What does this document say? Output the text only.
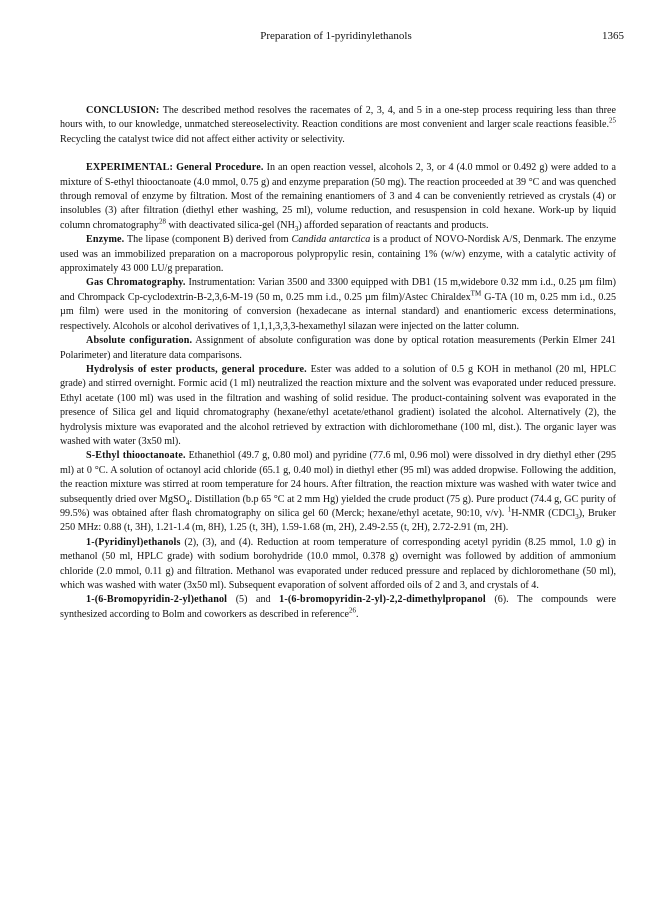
Preparation of 1-pyridinylethanols	1365

CONCLUSION: The described method resolves the racemates of 2, 3, 4, and 5 in a one-step process requiring less than three hours with, to our knowledge, unmatched stereoselectivity. Reaction conditions are most convenient and larger scale reactions feasible.$^{25}$ Recycling the catalyst twice did not affect either activity or selectivity.

EXPERIMENTAL: General Procedure. In an open reaction vessel, alcohols 2, 3, or 4 (4.0 mmol or 0.492 g) were added to a mixture of S-ethyl thiooctanoate (4.0 mmol, 0.75 g) and enzyme preparation (50 mg). The reaction proceeded at 39 °C and was quenched through removal of enzyme by filtration. Most of the remaining enantiomers of 3 and 4 can be conveniently retrieved as crystals (4) or insolubles (3) after filtration (diethyl ether washing, 25 ml), volume reduction, and resuspension in cold hexane. Work-up by liquid column chromatography$^{28}$ with deactivated silica-gel $(NH_3)$ afforded separation of reactants and products.

Enzyme. The lipase (component B) derived from Candida antarctica is a product of NOVO-Nordisk A/S, Denmark. The enzyme used was an immobilized preparation on a macroporous polypropylic resin, containing 1% (w/w) enzyme, with a catalytic activity of approximately 43 000 LU/g preparation.

Gas Chromatography. Instrumentation: Varian 3500 and 3300 equipped with DB1 (15 m,widebore 0.32 mm i.d., 0.25 µm film) and Chrompack Cp-cyclodextrin-B-2,3,6-M-19 (50 m, 0.25 mm i.d., 0.25 µm film)/Astec Chiraldex™ G-TA (10 m, 0.25 mm i.d., 0.25 µm film) were used in the monitoring of conversion (hexadecane as internal standard) and enantiomeric excess determinations, respectively. Alcohols or alcohol derivatives of 1,1,1,3,3,3-hexamethyl silazan were injected on the latter column.

Absolute configuration. Assignment of absolute configuration was done by optical rotation measurements (Perkin Elmer 241 Polarimeter) and literature data comparisons.

Hydrolysis of ester products, general procedure. Ester was added to a solution of 0.5 g KOH in methanol (20 ml, HPLC grade) and stirred overnight. Formic acid (1 ml) neutralized the reaction mixture and the solvent was evaporated under reduced pressure. Ethyl acetate (100 ml) was used in the filtration and washing of solid residue. The product-containing solvent was evaporated in the presence of Silica gel and liquid chromatography (hexane/ethyl acetate/ethanol gradient) isolated the alcohol. Alternatively (2), the hydrolysis mixture was evaporated and the alcohol retrieved by extraction with dichloromethane (100 ml, dist.). The organic layer was washed with water (3x50 ml).

S-Ethyl thiooctanoate. Ethanethiol (49.7 g, 0.80 mol) and pyridine (77.6 ml, 0.96 mol) were dissolved in dry diethyl ether (295 ml) at 0 °C. A solution of octanoyl acid chloride (65.1 g, 0.40 mol) in diethyl ether (95 ml) was added dropwise. Following the addition, the reaction mixture was stirred at room temperature for 24 hours. After filtration, the reaction mixture was washed with water twice and subsequently dried over MgSO$_4$. Distillation (b.p 65 °C at 2 mm Hg) yielded the crude product (75 g). Pure product (74.4 g, GC purity of 99.5%) was obtained after flash chromatography on silica gel 60 (Merck; hexane/ethyl acetate, 90:10, v/v). $^1$H-NMR (CDCl$_3$), Bruker 250 MHz: 0.88 (t, 3H), 1.21-1.4 (m, 8H), 1.25 (t, 3H), 1.59-1.68 (m, 2H), 2.49-2.55 (t, 2H), 2.72-2.91 (m, 2H).

1-(Pyridinyl)ethanols (2), (3), and (4). Reduction at room temperature of corresponding acetyl pyridin (8.25 mmol, 1.0 g) in methanol (50 ml, HPLC grade) with sodium borohydride (10.0 mmol, 0.378 g) overnight was followed by addition of ammonium chloride (2.0 mmol, 0.11 g) and filtration. Methanol was evaporated under reduced pressure and replaced by dichloromethane (50 ml), which was washed with water (3x50 ml). Subsequent evaporation of solvent afforded oils of 2 and 3, and crystals of 4.

1-(6-Bromopyridin-2-yl)ethanol (5) and 1-(6-bromopyridin-2-yl)-2,2-dimethylpropanol (6). The compounds were synthesized according to Bolm and coworkers as described in reference$^{26}$.
